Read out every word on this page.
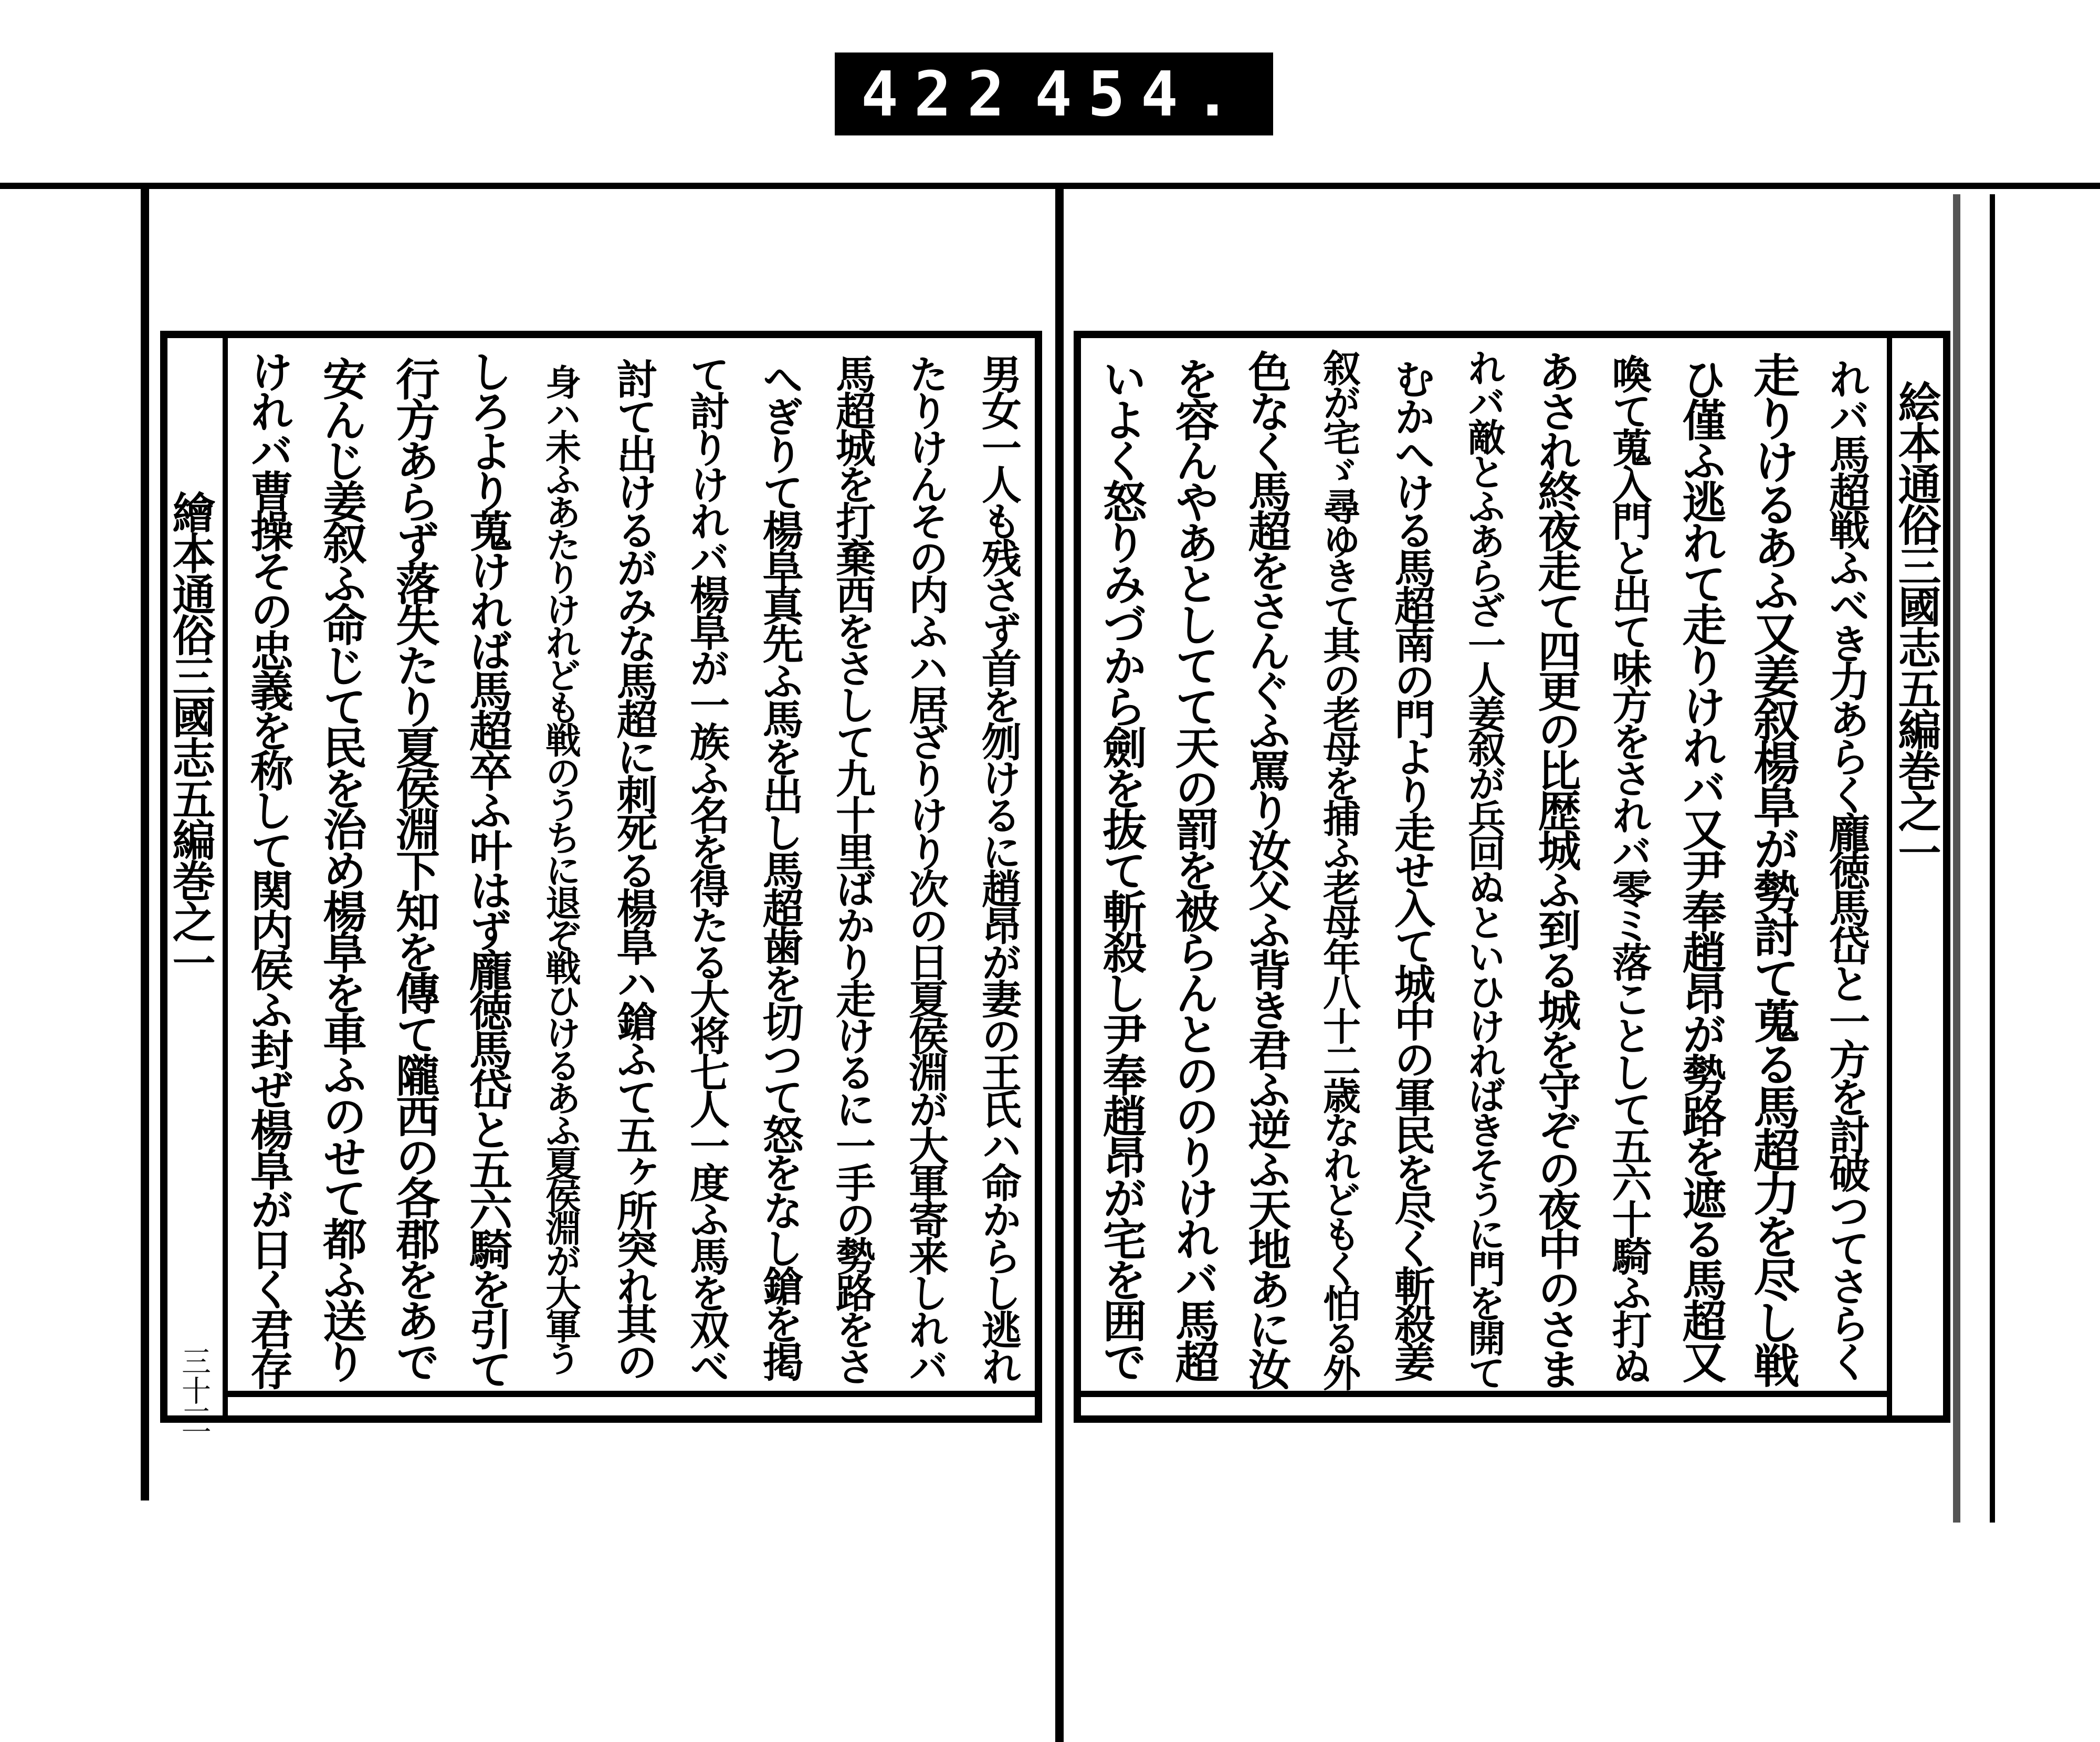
422 454.
繪本通俗三國志五編巻之一
三十三
けれバ曹操その忠義を称して関内侯ふ封ぜ楊阜が日く君存 安んじ姜叙ふ命じて民を治め楊阜を車ふのせて都ふ送り 行方あらず落失たり夏侯淵下知を傳て隴西の各郡をあで しろより蒐ければ馬超卒ふ叶はず龐徳馬岱と五六騎を引て 身ハ未ふあたりけれども戦のうちに退ぞ戦ひけるあふ夏侯淵が大軍う 討て出けるがみな馬超に刺死る楊阜ハ鎗ふて五ヶ所突れ其の て討りけれバ楊阜が一族ふ名を得たる大将七人一度ふ馬を双べ へぎりて楊阜真先ふ馬を出し馬超歯を切つて怒をなし鎗を掲 馬超城を打棄西をさして九十里ばかり走けるに一手の勢路をさ たりけんその内ふハ居ざりけり次の日夏侯淵が大軍寄来しれバ 男女一人も残さず首を刎けるに趙昂が妻の王氏ハ命からし逃れ	絵本通俗三國志五編巻之一
いよく怒りみづから劍を抜て斬殺し尹奉趙昂が宅を囲で を容んやあとしてて天の罰を被らんとののりけれバ馬超 色なく馬超をさんぐふ罵り汝父ふ背き君ふ逆ふ天地あに汝 叙が宅ゞ尋ゆきて其の老母を捕ふ老母年八十二歳なれどもく怕る外 むかへける馬超南の門より走せ入て城中の軍民を尽く斬殺姜 れバ敵とふあらざ一人姜叙が兵回ぬといひければきそうに門を開て あされ終夜走て四更の比歴城ふ到る城を守ぞの夜中のさま 喚て蒐入門と出て味方をされバ零ミ落ことして五六十騎ふ打ぬ ひ僅ふ逃れて走りけれバ又尹奉趙昂が勢路を遮る馬超又 走りけるあふ又姜叙楊阜が勢討て蒐る馬超力を尽し戦 れバ馬超戦ふべき力あらく龐徳馬岱と一方を討破つてさらく
